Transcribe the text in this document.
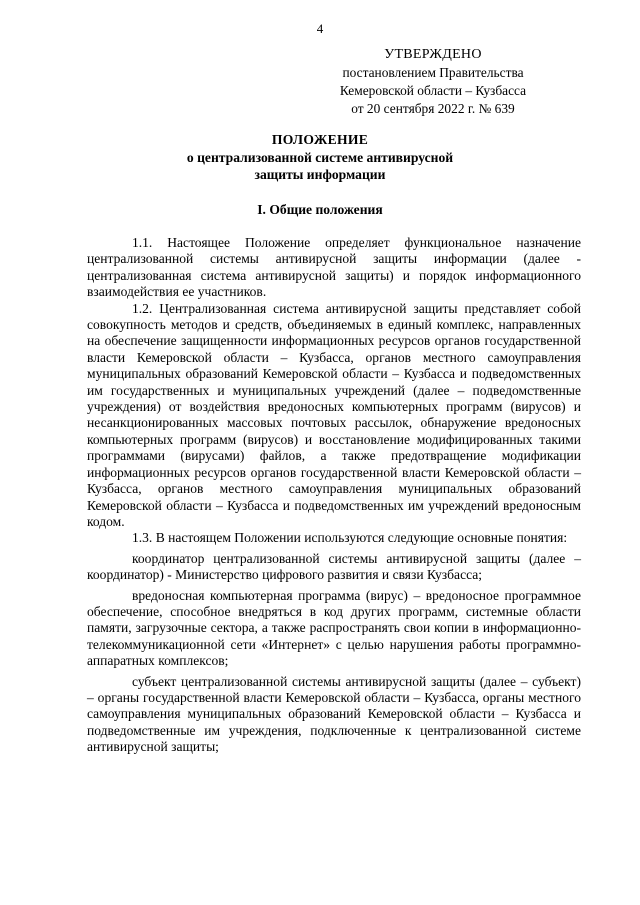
4
УТВЕРЖДЕНО
постановлением Правительства
Кемеровской области – Кузбасса
от 20 сентября 2022 г. № 639
ПОЛОЖЕНИЕ
о централизованной системе антивирусной
защиты информации
I. Общие положения

1.1. Настоящее Положение определяет функциональное назначение централизованной системы антивирусной защиты информации (далее - централизованная система антивирусной защиты) и порядок информационного взаимодействия ее участников.

1.2. Централизованная система антивирусной защиты представляет собой совокупность методов и средств, объединяемых в единый комплекс, направленных на обеспечение защищенности информационных ресурсов органов государственной власти Кемеровской области – Кузбасса, органов местного самоуправления муниципальных образований Кемеровской области – Кузбасса и подведомственных им государственных и муниципальных учреждений (далее – подведомственные учреждения) от воздействия вредоносных компьютерных программ (вирусов) и несанкционированных массовых почтовых рассылок, обнаружение вредоносных компьютерных программ (вирусов) и восстановление модифицированных такими программами (вирусами) файлов, а также предотвращение модификации информационных ресурсов органов государственной власти Кемеровской области – Кузбасса, органов местного самоуправления муниципальных образований Кемеровской области – Кузбасса и подведомственных им учреждений вредоносным кодом.

1.3. В настоящем Положении используются следующие основные понятия:

координатор централизованной системы антивирусной защиты (далее – координатор) - Министерство цифрового развития и связи Кузбасса;

вредоносная компьютерная программа (вирус) – вредоносное программное обеспечение, способное внедряться в код других программ, системные области памяти, загрузочные сектора, а также распространять свои копии в информационно-телекоммуникационной сети «Интернет» с целью нарушения работы программно-аппаратных комплексов;

субъект централизованной системы антивирусной защиты (далее – субъект) – органы государственной власти Кемеровской области – Кузбасса, органы местного самоуправления муниципальных образований Кемеровской области – Кузбасса и подведомственные им учреждения, подключенные к централизованной системе антивирусной защиты;
